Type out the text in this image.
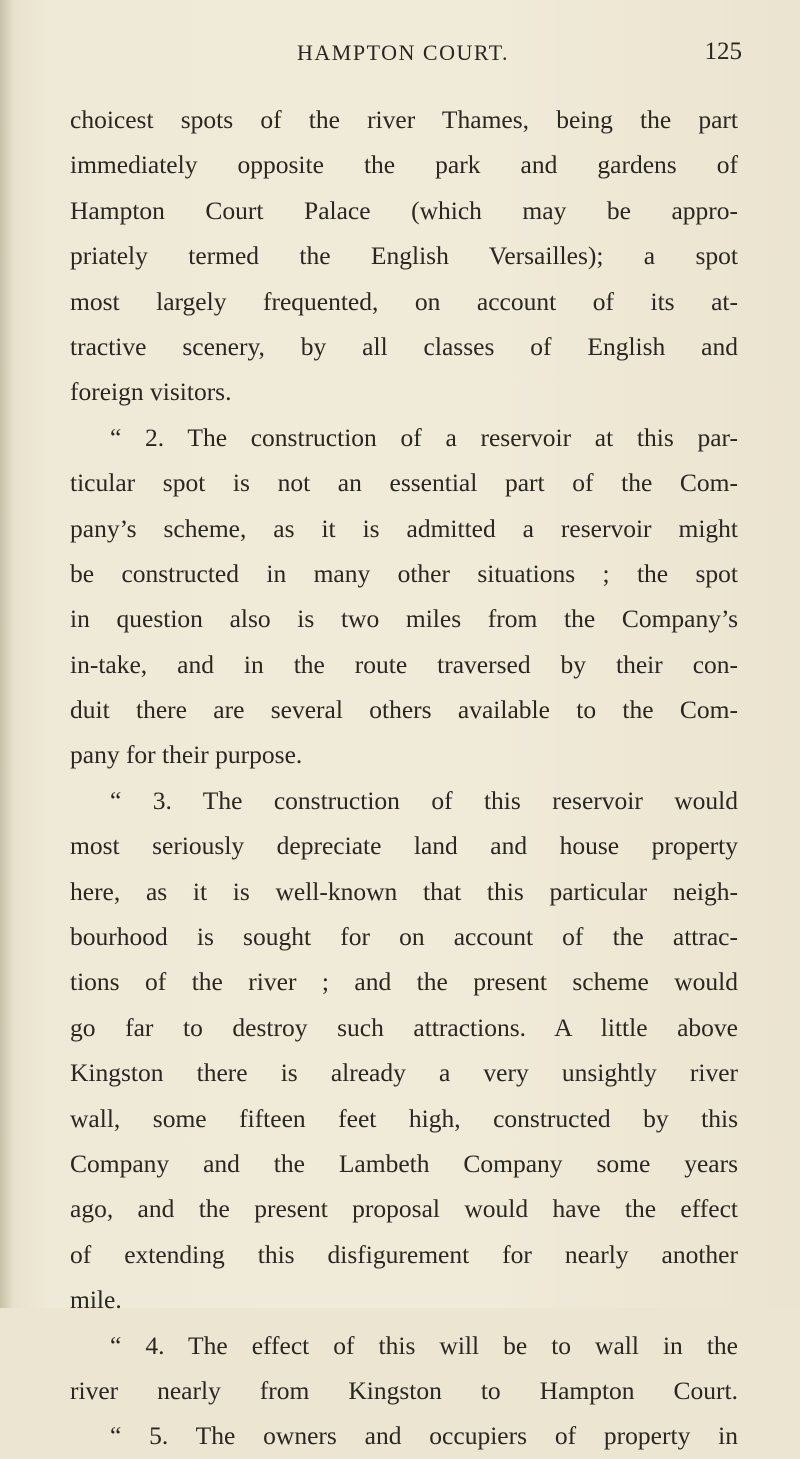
HAMPTON COURT.	125
choicest spots of the river Thames, being the part
immediately opposite the park and gardens of
Hampton Court Palace (which may be appro-
priately termed the English Versailles); a spot
most largely frequented, on account of its at-
tractive scenery, by all classes of English and
foreign visitors.
“ 2. The construction of a reservoir at this par-
ticular spot is not an essential part of the Com-
pany’s scheme, as it is admitted a reservoir might
be constructed in many other situations ; the spot
in question also is two miles from the Company’s
in-take, and in the route traversed by their con-
duit there are several others available to the Com-
pany for their purpose.
“ 3. The construction of this reservoir would
most seriously depreciate land and house property
here, as it is well-known that this particular neigh-
bourhood is sought for on account of the attrac-
tions of the river ; and the present scheme would
go far to destroy such attractions. A little above
Kingston there is already a very unsightly river
wall, some fifteen feet high, constructed by this
Company and the Lambeth Company some years
ago, and the present proposal would have the effect
of extending this disfigurement for nearly another
mile.
“ 4. The effect of this will be to wall in the
river nearly from Kingston to Hampton Court.
“ 5. The owners and occupiers of property in
